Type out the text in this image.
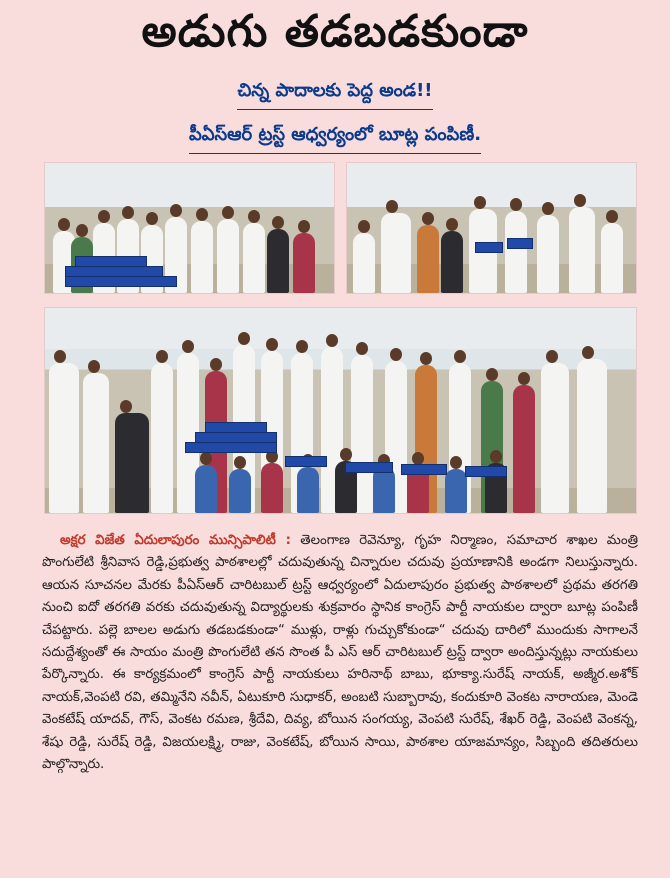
అడుగు తడబడకుండా
చిన్న పాదాలకు పెద్ద అండ!!
పీఏస్ఆర్ ట్రస్ట్ ఆధ్వర్యంలో బూట్ల పంపిణీ.
అక్షర విజేత ఏదులాపురం మున్సిపాలిటీ : తెలంగాణ రెవెన్యూ, గృహ నిర్మాణం, సమాచార శాఖల మంత్రి పొంగులేటి శ్రీనివాస రెడ్డి,ప్రభుత్వ పాఠశాలల్లో చదువుతున్న చిన్నారుల చదువు ప్రయాణానికి అండగా నిలుస్తున్నారు. ఆయన సూచనల మేరకు పీఏస్ఆర్ చారిటబుల్ ట్రస్ట్ ఆధ్వర్యంలో ఏదులాపురం ప్రభుత్వ పాఠశాలలో ప్రథమ తరగతి నుంచి ఐదో తరగతి వరకు చదువుతున్న విద్యార్థులకు శుక్రవారం స్థానిక కాంగ్రెస్ పార్టీ నాయకుల ద్వారా బూట్ల పంపిణీ చేపట్టారు. పల్లె బాలల అడుగు తడబడకుండా“ ముళ్లు, రాళ్లు గుచ్చుకోకుండా“ చదువు దారిలో ముందుకు సాగాలనే సదుద్దేశ్యంతో ఈ సాయం మంత్రి పొంగులేటి తన సొంత పీ ఎస్ ఆర్ చారిటబుల్ ట్రస్ట్ ద్వారా అందిస్తున్నట్లు నాయకులు పేర్కొన్నారు. ఈ కార్యక్రమంలో కాంగ్రెస్ పార్టీ నాయకులు హరినాథ్ బాబు, భూక్యా.సురేష్ నాయక్, అజ్మీర.అశోక్ నాయక్,వెంపటి రవి, తమ్మినేని నవీన్, ఏటుకూరి సుధాకర్, అంబటి సుబ్బారావు, కందుకూరి వెంకట నారాయణ, మెండె వెంకటేష్ యాదవ్, గౌస్, వెంకట రమణ, శ్రీదేవి, దివ్య, బోయిన సంగయ్య, వెంపటి సురేష్, శేఖర్ రెడ్డి, వెంపటి వెంకన్న, శేషు రెడ్డి, సురేష్ రెడ్డి, విజయలక్ష్మి, రాజు, వెంకటేష్, బోయిన సాయి, పాఠశాల యాజమాన్యం, సిబ్బంది తదితరులు పాల్గొన్నారు.
